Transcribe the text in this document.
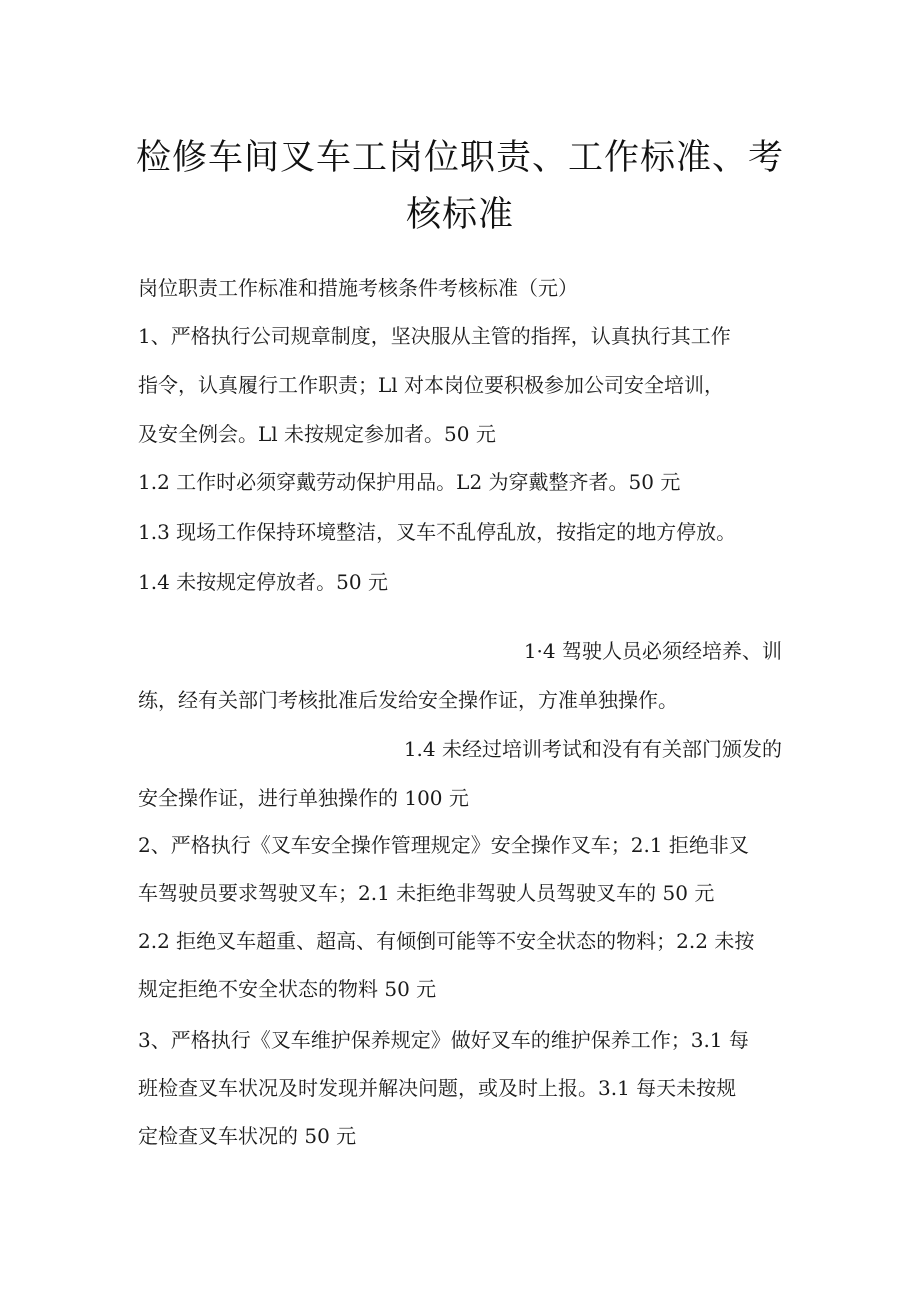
检修车间叉车工岗位职责、工作标准、考
核标准
岗位职责工作标准和措施考核条件考核标准（元）
1、严格执行公司规章制度，坚决服从主管的指挥，认真执行其工作
指令，认真履行工作职责；Ll 对本岗位要积极参加公司安全培训，
及安全例会。Ll 未按规定参加者。50 元
1.2 工作时必须穿戴劳动保护用品。L2 为穿戴整齐者。50 元
1.3 现场工作保持环境整洁，叉车不乱停乱放，按指定的地方停放。
1.4 未按规定停放者。50 元
1·4 驾驶人员必须经培养、训
练，经有关部门考核批准后发给安全操作证，方准单独操作。
1.4 未经过培训考试和没有有关部门颁发的
安全操作证，进行单独操作的 100 元
2、严格执行《叉车安全操作管理规定》安全操作叉车；2.1 拒绝非叉
车驾驶员要求驾驶叉车；2.1 未拒绝非驾驶人员驾驶叉车的 50 元
2.2 拒绝叉车超重、超高、有倾倒可能等不安全状态的物料；2.2 未按
规定拒绝不安全状态的物料 50 元
3、严格执行《叉车维护保养规定》做好叉车的维护保养工作；3.1 每
班检查叉车状况及时发现并解决问题，或及时上报。3.1 每天未按规
定检查叉车状况的 50 元
